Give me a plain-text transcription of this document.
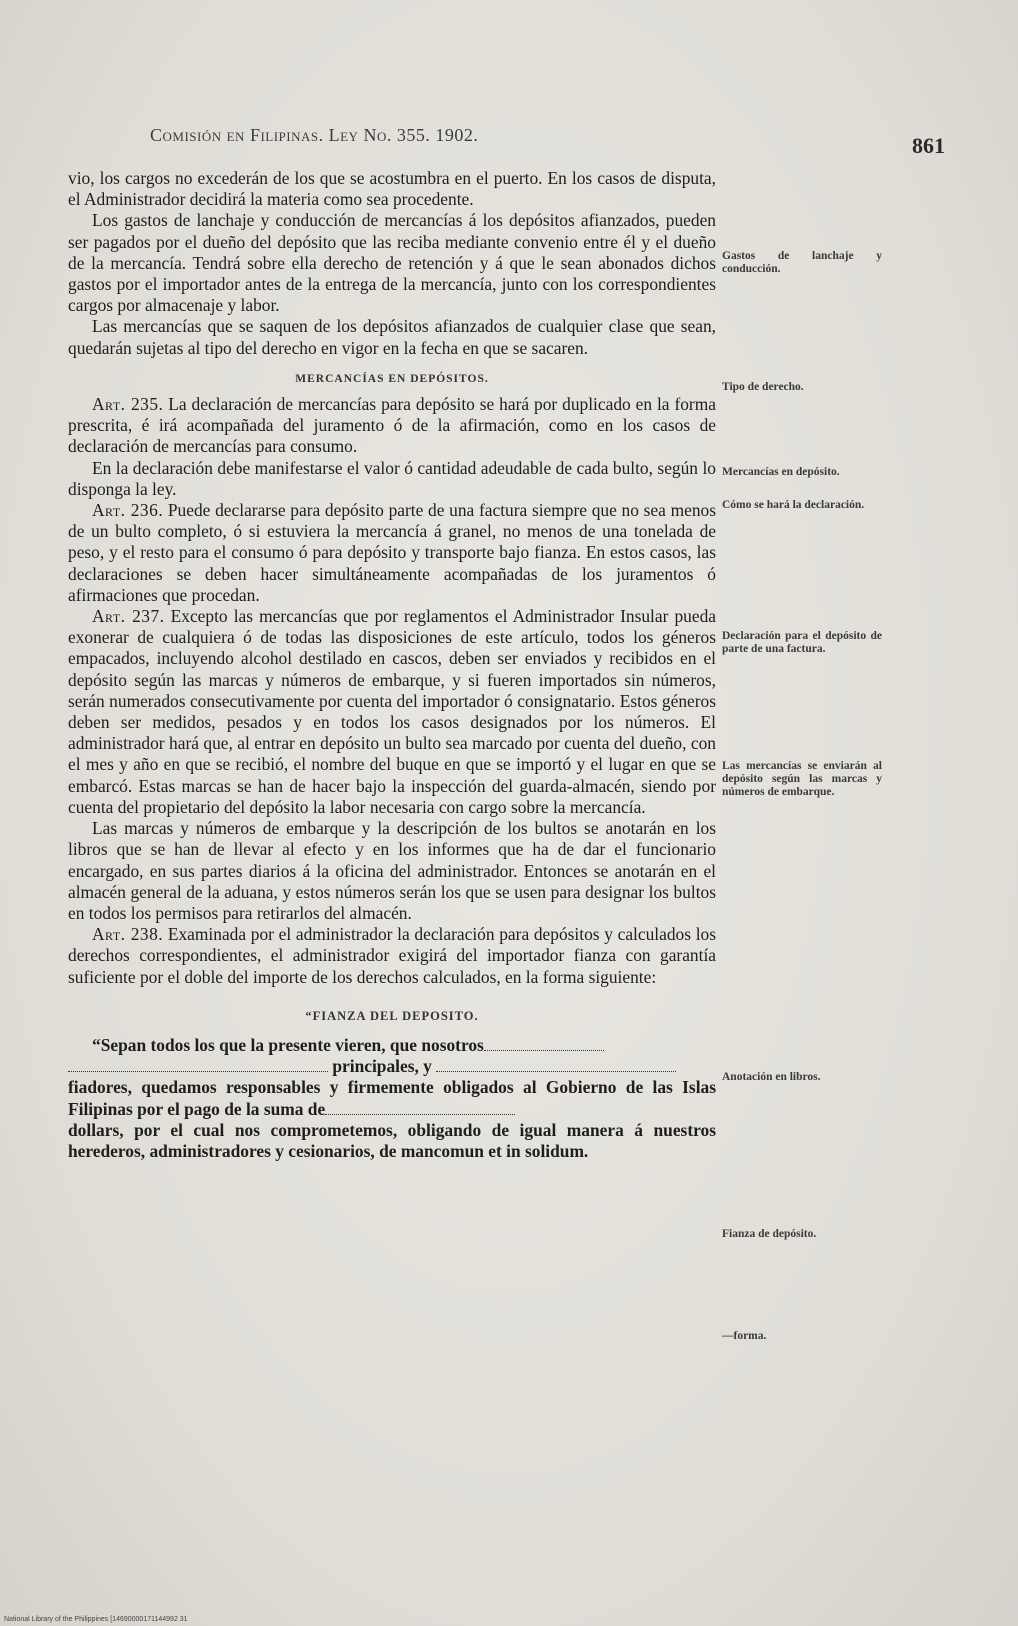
Comisión en Filipinas. Ley No. 355. 1902.	861

vio, los cargos no excederán de los que se acostumbra en el puerto. En los casos de disputa, el Administrador decidirá la materia como sea procedente.

Los gastos de lanchaje y conducción de mercancías á los depósitos afianzados, pueden ser pagados por el dueño del depósito que las reciba mediante convenio entre él y el dueño de la mercancía. Tendrá sobre ella derecho de retención y á que le sean abonados dichos gastos por el importador antes de la entrega de la mercancía, junto con los correspondientes cargos por almacenaje y labor.

Las mercancías que se saquen de los depósitos afianzados de cualquier clase que sean, quedarán sujetas al tipo del derecho en vigor en la fecha en que se sacaren.

MERCANCÍAS EN DEPÓSITOS.

Art. 235. La declaración de mercancías para depósito se hará por duplicado en la forma prescrita, é irá acompañada del juramento ó de la afirmación, como en los casos de declaración de mercancías para consumo.

En la declaración debe manifestarse el valor ó cantidad adeudable de cada bulto, según lo disponga la ley.

Art. 236. Puede declararse para depósito parte de una factura siempre que no sea menos de un bulto completo, ó si estuviera la mercancía á granel, no menos de una tonelada de peso, y el resto para el consumo ó para depósito y transporte bajo fianza. En estos casos, las declaraciones se deben hacer simultáneamente acompañadas de los juramentos ó afirmaciones que procedan.

Art. 237. Excepto las mercancías que por reglamentos el Administrador Insular pueda exonerar de cualquiera ó de todas las disposiciones de este artículo, todos los géneros empacados, incluyendo alcohol destilado en cascos, deben ser enviados y recibidos en el depósito según las marcas y números de embarque, y si fueren importados sin números, serán numerados consecutivamente por cuenta del importador ó consignatario. Estos géneros deben ser medidos, pesados y en todos los casos designados por los números. El administrador hará que, al entrar en depósito un bulto sea marcado por cuenta del dueño, con el mes y año en que se recibió, el nombre del buque en que se importó y el lugar en que se embarcó. Estas marcas se han de hacer bajo la inspección del guarda-almacén, siendo por cuenta del propietario del depósito la labor necesaria con cargo sobre la mercancía.

Las marcas y números de embarque y la descripción de los bultos se anotarán en los libros que se han de llevar al efecto y en los informes que ha de dar el funcionario encargado, en sus partes diarios á la oficina del administrador. Entonces se anotarán en el almacén general de la aduana, y estos números serán los que se usen para designar los bultos en todos los permisos para retirarlos del almacén.

Art. 238. Examinada por el administrador la declaración para depósitos y calculados los derechos correspondientes, el administrador exigirá del importador fianza con garantía suficiente por el doble del importe de los derechos calculados, en la forma siguiente:

“FIANZA DEL DEPOSITO.

“Sepan todos los que la presente vieren, que nosotros

principales, y

fiadores, quedamos responsables y firmemente obligados al Gobierno de las Islas Filipinas por el pago de la suma de

dollars, por el cual nos comprometemos, obligando de igual manera á nuestros herederos, administradores y cesionarios, de mancomun et in solidum.

Gastos de lanchaje y conducción.
Tipo de derecho.
Mercancías en depósito.
Cómo se hará la declaración.
Declaración para el depósito de parte de una factura.
Las mercancías se enviarán al depósito según las marcas y números de embarque.
Anotación en libros.
Fianza de depósito.
—forma.
National Library of the Philippines [14690000171144992 31
